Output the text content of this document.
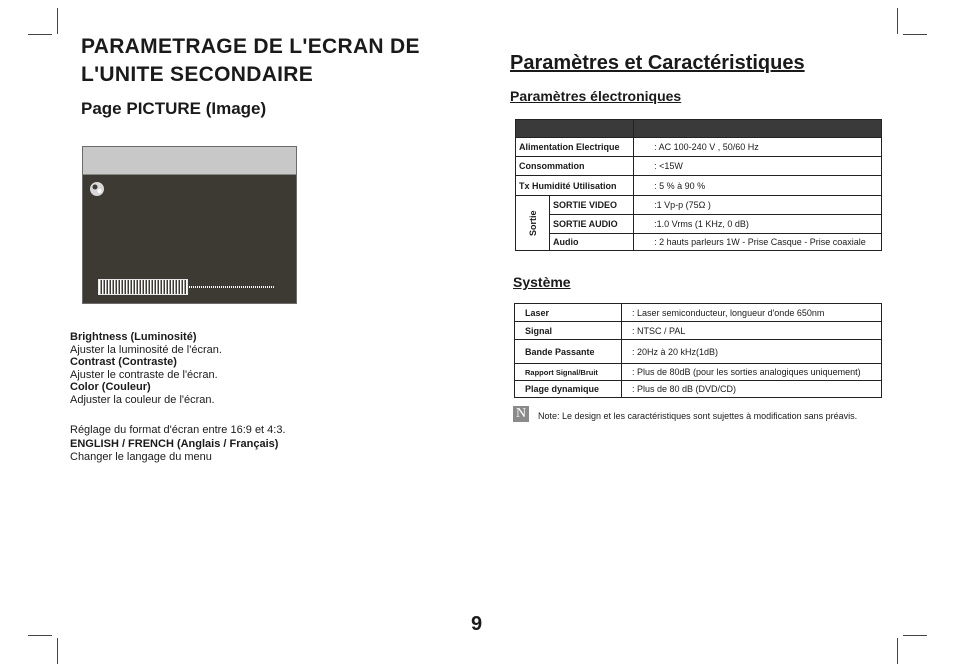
PARAMETRAGE DE L'ECRAN DE
L'UNITE SECONDAIRE
Page PICTURE (Image)
Brightness (Luminosité)
Ajuster la luminosité de l'écran.
Contrast (Contraste)
Ajuster le contraste de l'écran.
Color (Couleur)
Adjuster la couleur de l'écran.
Réglage du format d'écran entre 16:9 et 4:3.
ENGLISH / FRENCH (Anglais / Français)
Changer le langage du menu
Paramètres et Caractéristiques
Paramètres électroniques

Alimentation Electrique		: AC 100-240 V , 50/60 Hz
Consommation		: <15W
Tx Humidité Utilisation		: 5 % à 90 %
Sortie	SORTIE VIDEO	:1 Vp-p (75Ω )
	SORTIE AUDIO	:1.0 Vrms (1 KHz, 0 dB)
	Audio	: 2 hauts parleurs 1W - Prise Casque - Prise coaxiale
Système
Laser	: Laser semiconducteur, longueur d'onde 650nm
Signal	: NTSC / PAL
Bande Passante	: 20Hz à 20 kHz(1dB)
Rapport Signal/Bruit	: Plus de 80dB (pour les sorties analogiques uniquement)
Plage dynamique	: Plus de 80 dB (DVD/CD)
N	Note: Le design et les caractéristiques sont sujettes à modification sans préavis.
9
